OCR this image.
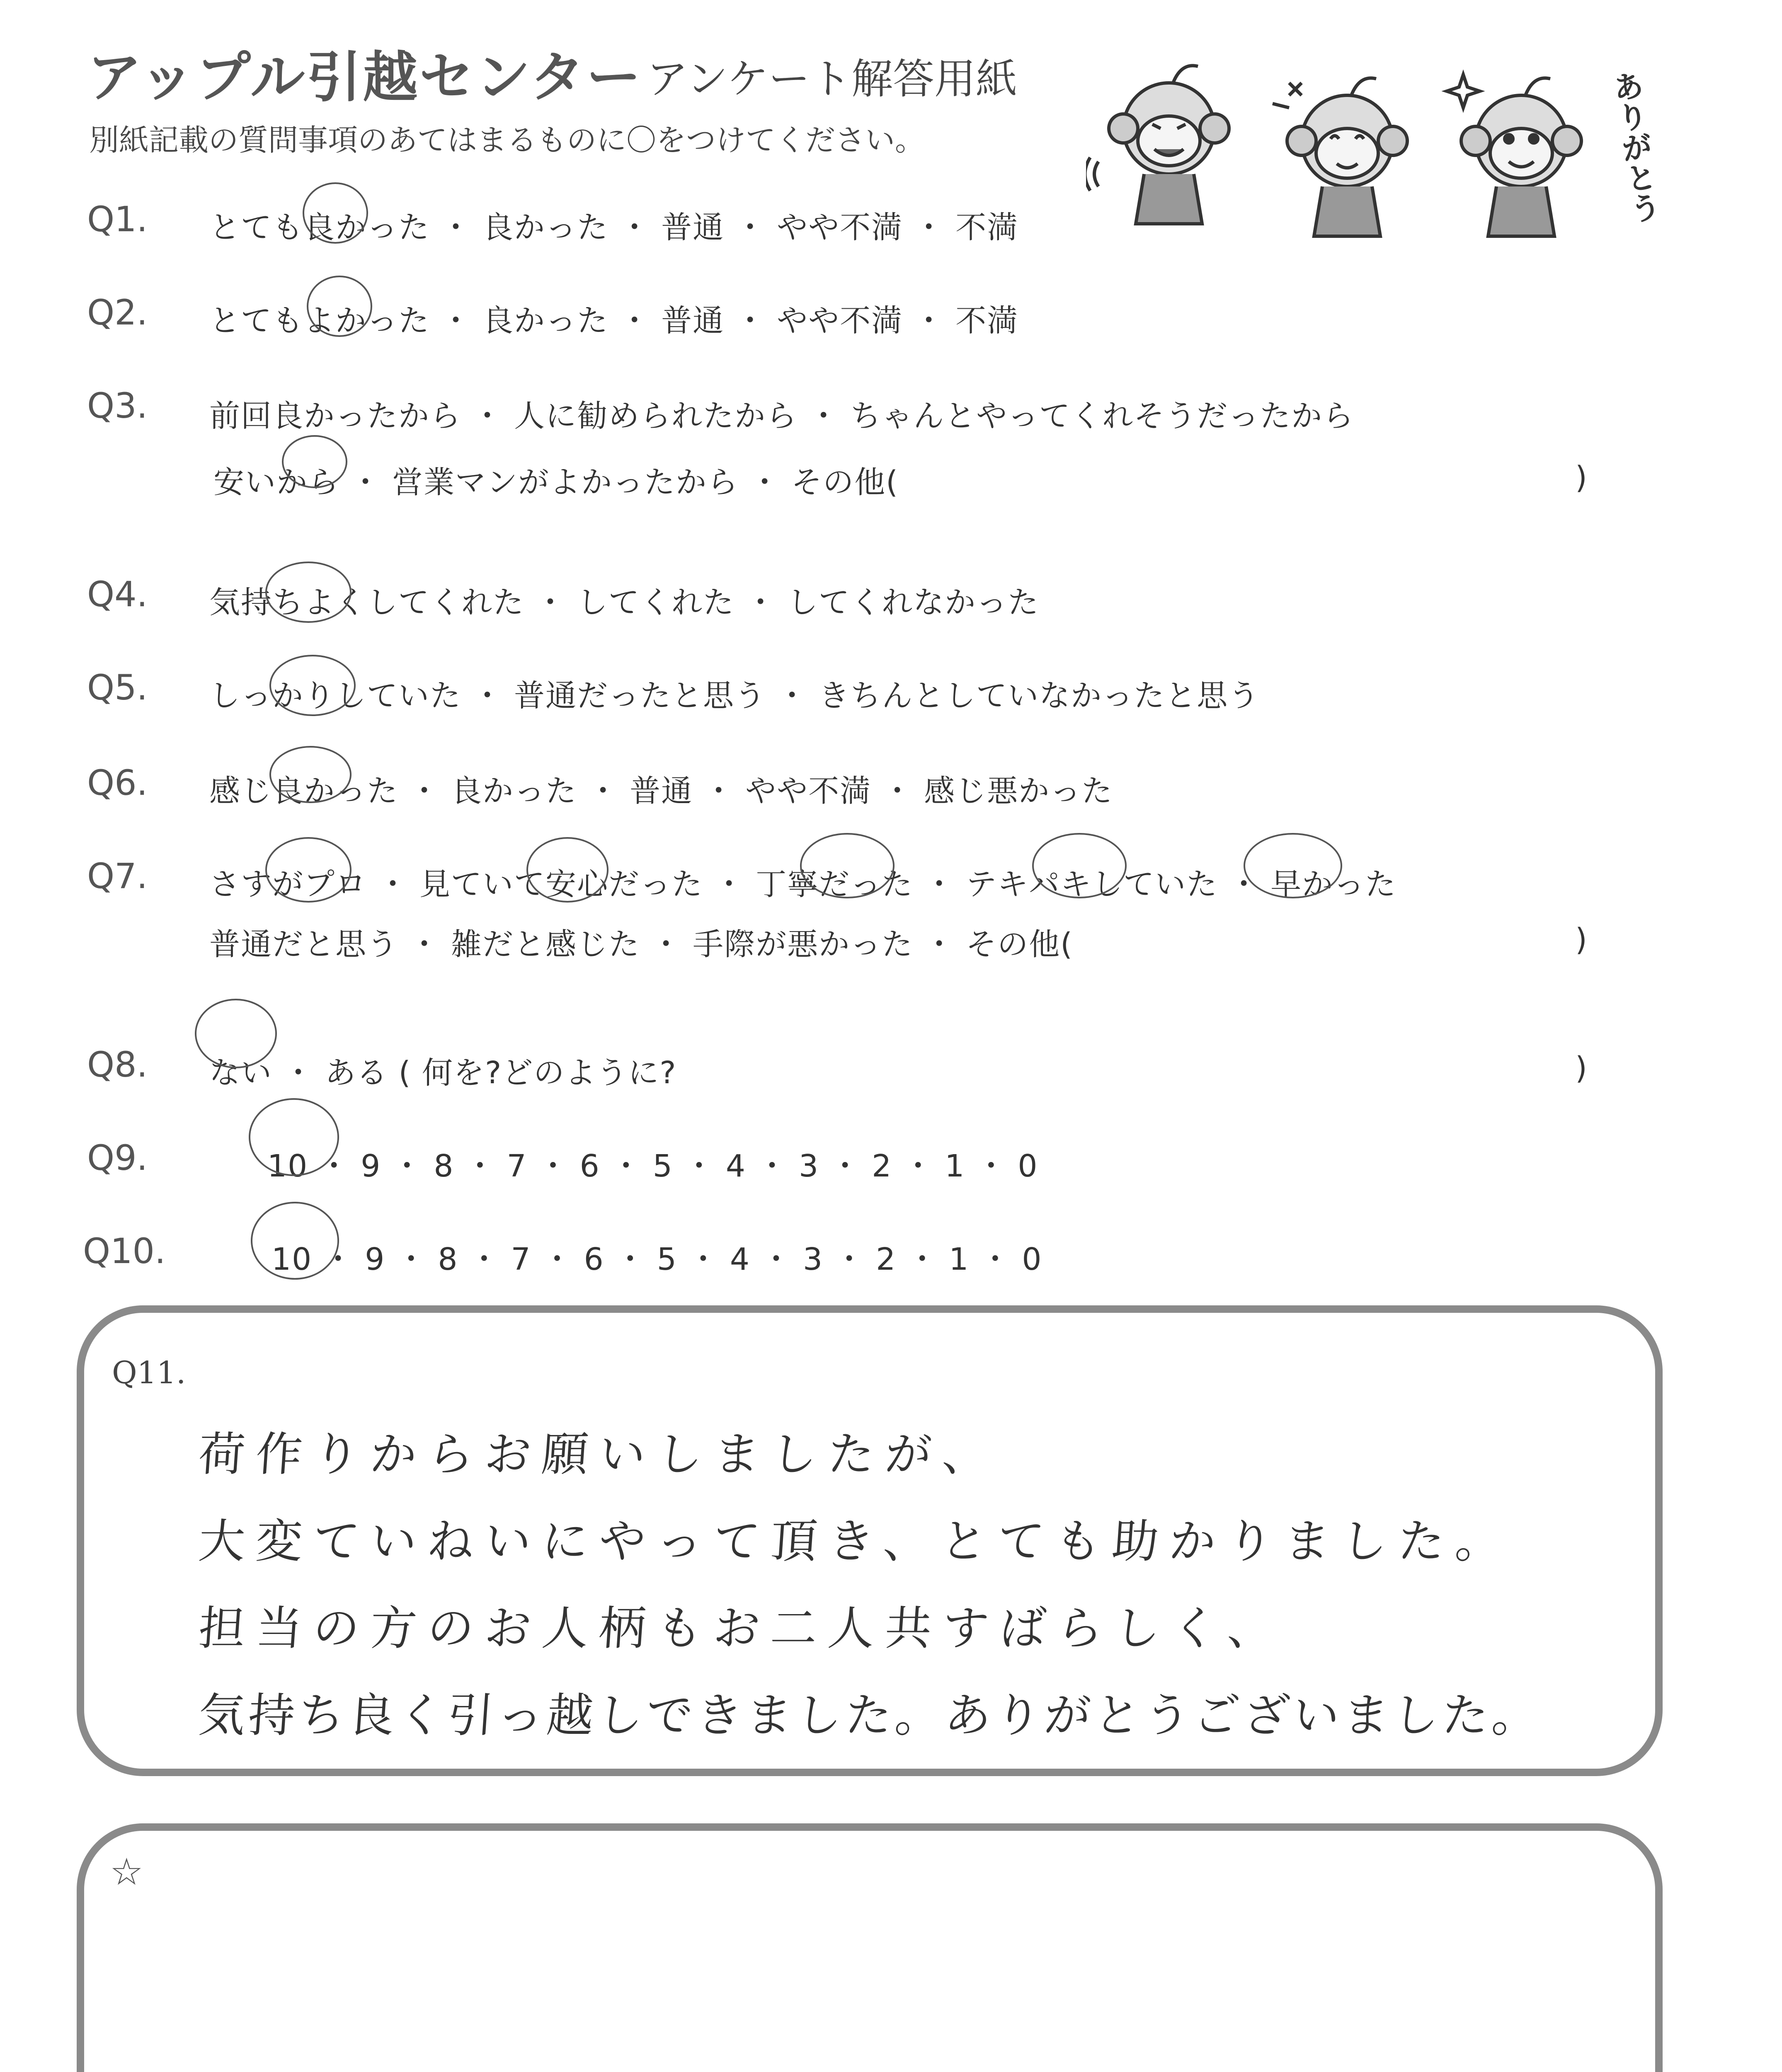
アップル引越センター アンケート解答用紙
別紙記載の質問事項のあてはまるものに〇をつけてください。	ありがとう
Q1. とても良かった ・ 良かった ・ 普通 ・ やや不満 ・ 不満
Q2. とてもよかった ・ 良かった ・ 普通 ・ やや不満 ・ 不満
Q3. 前回良かったから ・ 人に勧められたから ・ ちゃんとやってくれそうだったから
安いから ・ 営業マンがよかったから ・ その他(	)
Q4. 気持ちよくしてくれた ・ してくれた ・ してくれなかった
Q5. しっかりしていた ・ 普通だったと思う ・ きちんとしていなかったと思う
Q6. 感じ良かった ・ 良かった ・ 普通 ・ やや不満 ・ 感じ悪かった
Q7. さすがプロ ・ 見ていて安心だった ・ 丁寧だった ・ テキパキしていた ・ 早かった
普通だと思う ・ 雑だと感じた ・ 手際が悪かった ・ その他(	)
Q8. ない ・ ある ( 何を?どのように?	)
Q9.	10 ・ 9 ・ 8 ・ 7 ・ 6 ・ 5 ・ 4 ・ 3 ・ 2 ・ 1 ・ 0
Q10.	10 ・ 9 ・ 8 ・ 7 ・ 6 ・ 5 ・ 4 ・ 3 ・ 2 ・ 1 ・ 0
Q11.
荷作りからお願いしましたが、
大変ていねいにやって頂き、とても助かりました。
担当の方のお人柄もお二人共すばらしく、
気持ち良く引っ越しできました。ありがとうございました。
☆
